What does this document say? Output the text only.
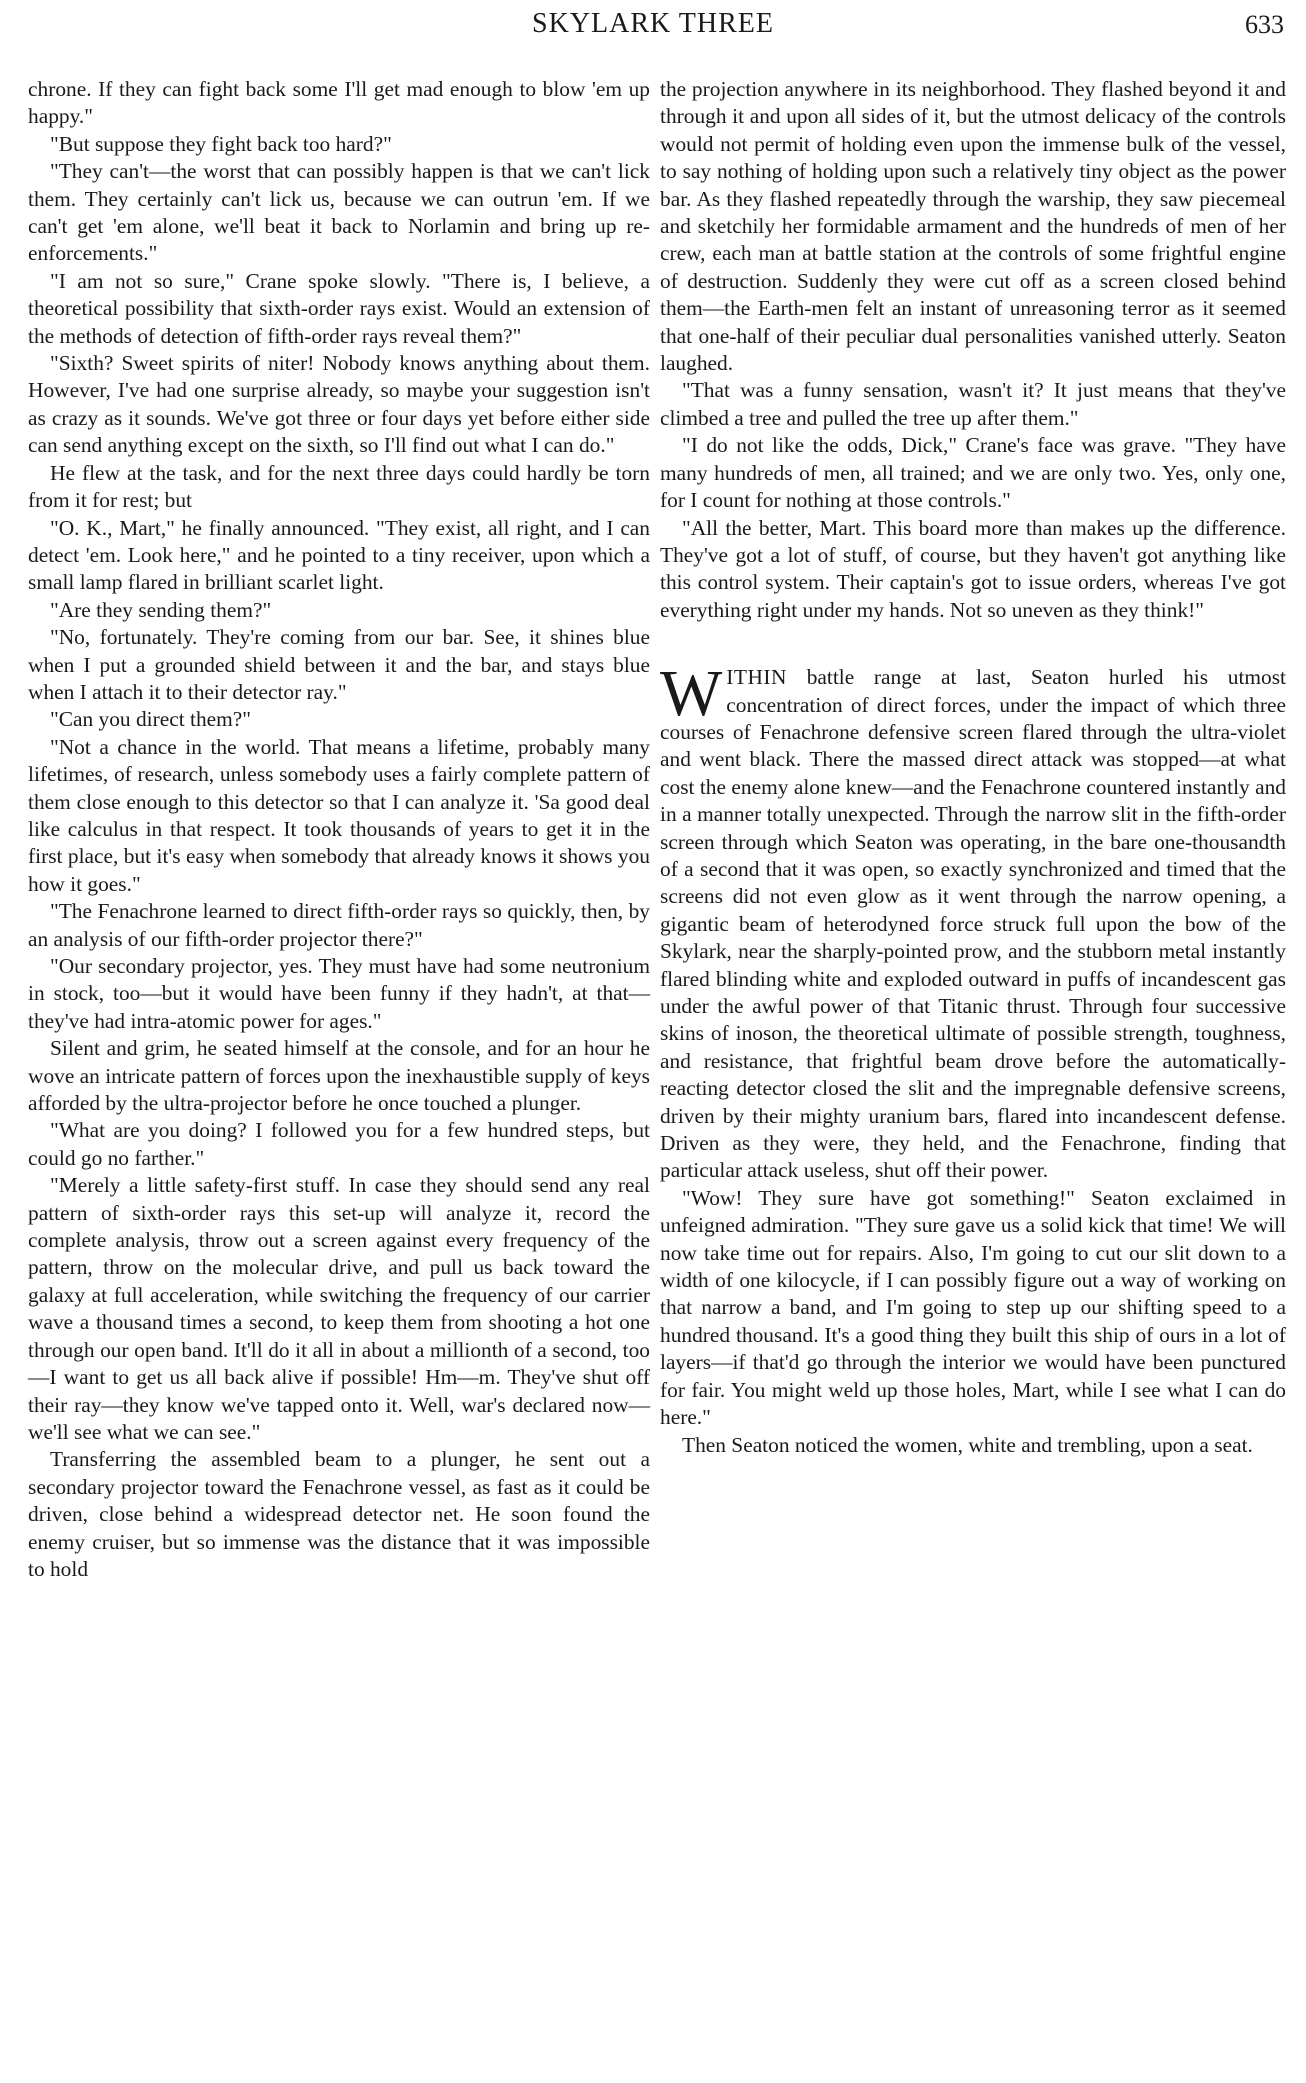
SKYLARK THREE	633

chrone. If they can fight back some I'll get mad enough to blow 'em up happy."

"But suppose they fight back too hard?"

"They can't—the worst that can possibly happen is that we can't lick them. They certainly can't lick us, because we can outrun 'em. If we can't get 'em alone, we'll beat it back to Norlamin and bring up re-enforcements."

"I am not so sure," Crane spoke slowly. "There is, I believe, a theoretical possibility that sixth-order rays exist. Would an extension of the methods of detection of fifth-order rays reveal them?"

"Sixth? Sweet spirits of niter! Nobody knows anything about them. However, I've had one surprise already, so maybe your suggestion isn't as crazy as it sounds. We've got three or four days yet before either side can send anything except on the sixth, so I'll find out what I can do."

He flew at the task, and for the next three days could hardly be torn from it for rest; but

"O. K., Mart," he finally announced. "They exist, all right, and I can detect 'em. Look here," and he pointed to a tiny receiver, upon which a small lamp flared in brilliant scarlet light.

"Are they sending them?"

"No, fortunately. They're coming from our bar. See, it shines blue when I put a grounded shield between it and the bar, and stays blue when I attach it to their detector ray."

"Can you direct them?"

"Not a chance in the world. That means a lifetime, probably many lifetimes, of research, unless somebody uses a fairly complete pattern of them close enough to this detector so that I can analyze it. 'Sa good deal like calculus in that respect. It took thousands of years to get it in the first place, but it's easy when somebody that already knows it shows you how it goes."

"The Fenachrone learned to direct fifth-order rays so quickly, then, by an analysis of our fifth-order projector there?"

"Our secondary projector, yes. They must have had some neutronium in stock, too—but it would have been funny if they hadn't, at that—they've had intra-atomic power for ages."

Silent and grim, he seated himself at the console, and for an hour he wove an intricate pattern of forces upon the inexhaustible supply of keys afforded by the ultra-projector before he once touched a plunger.

"What are you doing? I followed you for a few hundred steps, but could go no farther."

"Merely a little safety-first stuff. In case they should send any real pattern of sixth-order rays this set-up will analyze it, record the complete analysis, throw out a screen against every frequency of the pattern, throw on the molecular drive, and pull us back toward the galaxy at full acceleration, while switching the frequency of our carrier wave a thousand times a second, to keep them from shooting a hot one through our open band. It'll do it all in about a millionth of a second, too—I want to get us all back alive if possible! Hm—m. They've shut off their ray—they know we've tapped onto it. Well, war's declared now—we'll see what we can see."

Transferring the assembled beam to a plunger, he sent out a secondary projector toward the Fenachrone vessel, as fast as it could be driven, close behind a widespread detector net. He soon found the enemy cruiser, but so immense was the distance that it was impossible to hold

the projection anywhere in its neighborhood. They flashed beyond it and through it and upon all sides of it, but the utmost delicacy of the controls would not permit of holding even upon the immense bulk of the vessel, to say nothing of holding upon such a relatively tiny object as the power bar. As they flashed repeatedly through the warship, they saw piecemeal and sketchily her formidable armament and the hundreds of men of her crew, each man at battle station at the controls of some frightful engine of destruction. Suddenly they were cut off as a screen closed behind them—the Earth-men felt an instant of unreasoning terror as it seemed that one-half of their peculiar dual personalities vanished utterly. Seaton laughed.

"That was a funny sensation, wasn't it? It just means that they've climbed a tree and pulled the tree up after them."

"I do not like the odds, Dick," Crane's face was grave. "They have many hundreds of men, all trained; and we are only two. Yes, only one, for I count for nothing at those controls."

"All the better, Mart. This board more than makes up the difference. They've got a lot of stuff, of course, but they haven't got anything like this control system. Their captain's got to issue orders, whereas I've got everything right under my hands. Not so uneven as they think!"

WITHIN battle range at last, Seaton hurled his utmost concentration of direct forces, under the impact of which three courses of Fenachrone defensive screen flared through the ultra-violet and went black. There the massed direct attack was stopped—at what cost the enemy alone knew—and the Fenachrone countered instantly and in a manner totally unexpected. Through the narrow slit in the fifth-order screen through which Seaton was operating, in the bare one-thousandth of a second that it was open, so exactly synchronized and timed that the screens did not even glow as it went through the narrow opening, a gigantic beam of heterodyned force struck full upon the bow of the Skylark, near the sharply-pointed prow, and the stubborn metal instantly flared blinding white and exploded outward in puffs of incandescent gas under the awful power of that Titanic thrust. Through four successive skins of inoson, the theoretical ultimate of possible strength, toughness, and resistance, that frightful beam drove before the automatically-reacting detector closed the slit and the impregnable defensive screens, driven by their mighty uranium bars, flared into incandescent defense. Driven as they were, they held, and the Fenachrone, finding that particular attack useless, shut off their power.

"Wow! They sure have got something!" Seaton exclaimed in unfeigned admiration. "They sure gave us a solid kick that time! We will now take time out for repairs. Also, I'm going to cut our slit down to a width of one kilocycle, if I can possibly figure out a way of working on that narrow a band, and I'm going to step up our shifting speed to a hundred thousand. It's a good thing they built this ship of ours in a lot of layers—if that'd go through the interior we would have been punctured for fair. You might weld up those holes, Mart, while I see what I can do here."

Then Seaton noticed the women, white and trembling, upon a seat.
